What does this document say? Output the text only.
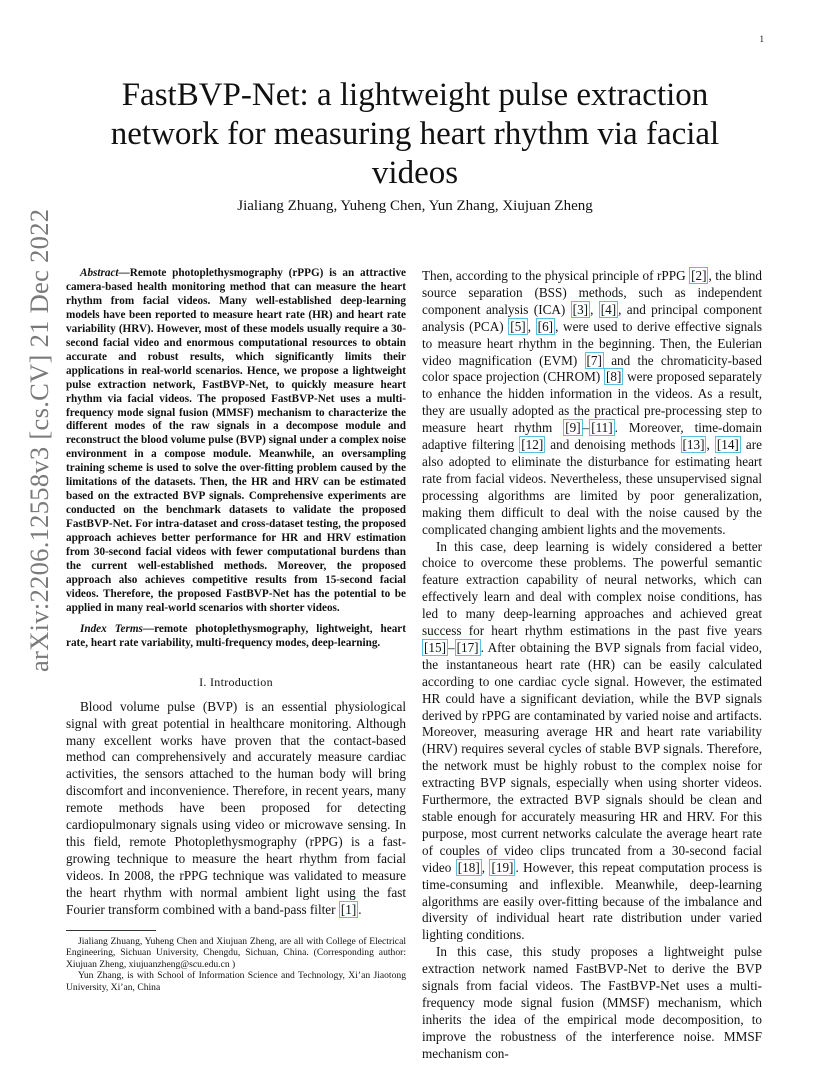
1
arXiv:2206.12558v3 [cs.CV] 21 Dec 2022
FastBVP-Net: a lightweight pulse extraction network for measuring heart rhythm via facial videos
Jialiang Zhuang, Yuheng Chen, Yun Zhang, Xiujuan Zheng

Abstract—Remote photoplethysmography (rPPG) is an attractive camera-based health monitoring method that can measure the heart rhythm from facial videos. Many well-established deep-learning models have been reported to measure heart rate (HR) and heart rate variability (HRV). However, most of these models usually require a 30-second facial video and enormous computational resources to obtain accurate and robust results, which significantly limits their applications in real-world scenarios. Hence, we propose a lightweight pulse extraction network, FastBVP-Net, to quickly measure heart rhythm via facial videos. The proposed FastBVP-Net uses a multi-frequency mode signal fusion (MMSF) mechanism to characterize the different modes of the raw signals in a decompose module and reconstruct the blood volume pulse (BVP) signal under a complex noise environment in a compose module. Meanwhile, an oversampling training scheme is used to solve the over-fitting problem caused by the limitations of the datasets. Then, the HR and HRV can be estimated based on the extracted BVP signals. Comprehensive experiments are conducted on the benchmark datasets to validate the proposed FastBVP-Net. For intra-dataset and cross-dataset testing, the proposed approach achieves better performance for HR and HRV estimation from 30-second facial videos with fewer computational burdens than the current well-established methods. Moreover, the proposed approach also achieves competitive results from 15-second facial videos. Therefore, the proposed FastBVP-Net has the potential to be applied in many real-world scenarios with shorter videos.

Index Terms—remote photoplethysmography, lightweight, heart rate, heart rate variability, multi-frequency modes, deep-learning.

I. Introduction

Blood volume pulse (BVP) is an essential physiological signal with great potential in healthcare monitoring. Although many excellent works have proven that the contact-based method can comprehensively and accurately measure cardiac activities, the sensors attached to the human body will bring discomfort and inconvenience. Therefore, in recent years, many remote methods have been proposed for detecting cardiopulmonary signals using video or microwave sensing. In this field, remote Photoplethysmography (rPPG) is a fast-growing technique to measure the heart rhythm from facial videos. In 2008, the rPPG technique was validated to measure the heart rhythm with normal ambient light using the fast Fourier transform combined with a band-pass filter [1] .

Jialiang Zhuang, Yuheng Chen and Xiujuan Zheng, are all with College of Electrical Engineering, Sichuan University, Chengdu, Sichuan, China. (Corresponding author: Xiujuan Zheng, xiujuanzheng@scu.edu.cn )

Yun Zhang, is with School of Information Science and Technology, Xi’an Jiaotong University, Xi’an, China

Then, according to the physical principle of rPPG [2] , the blind source separation (BSS) methods, such as independent component analysis (ICA) [3] , [4] , and principal component analysis (PCA) [5] , [6] , were used to derive effective signals to measure heart rhythm in the beginning. Then, the Eulerian video magnification (EVM) [7] and the chromaticity-based color space projection (CHROM) [8] were proposed separately to enhance the hidden information in the videos. As a result, they are usually adopted as the practical pre-processing step to measure heart rhythm [9] – [11] . Moreover, time-domain adaptive filtering [12] and denoising methods [13] , [14] are also adopted to eliminate the disturbance for estimating heart rate from facial videos. Nevertheless, these unsupervised signal processing algorithms are limited by poor generalization, making them difficult to deal with the noise caused by the complicated changing ambient lights and the movements.

In this case, deep learning is widely considered a better choice to overcome these problems. The powerful semantic feature extraction capability of neural networks, which can effectively learn and deal with complex noise conditions, has led to many deep-learning approaches and achieved great success for heart rhythm estimations in the past five years [15] – [17] . After obtaining the BVP signals from facial video, the instantaneous heart rate (HR) can be easily calculated according to one cardiac cycle signal. However, the estimated HR could have a significant deviation, while the BVP signals derived by rPPG are contaminated by varied noise and artifacts. Moreover, measuring average HR and heart rate variability (HRV) requires several cycles of stable BVP signals. Therefore, the network must be highly robust to the complex noise for extracting BVP signals, especially when using shorter videos. Furthermore, the extracted BVP signals should be clean and stable enough for accurately measuring HR and HRV. For this purpose, most current networks calculate the average heart rate of couples of video clips truncated from a 30-second facial video [18] , [19] . However, this repeat computation process is time-consuming and inflexible. Meanwhile, deep-learning algorithms are easily over-fitting because of the imbalance and diversity of individual heart rate distribution under varied lighting conditions.

In this case, this study proposes a lightweight pulse extraction network named FastBVP-Net to derive the BVP signals from facial videos. The FastBVP-Net uses a multi-frequency mode signal fusion (MMSF) mechanism, which inherits the idea of the empirical mode decomposition, to improve the robustness of the interference noise. MMSF mechanism con-
